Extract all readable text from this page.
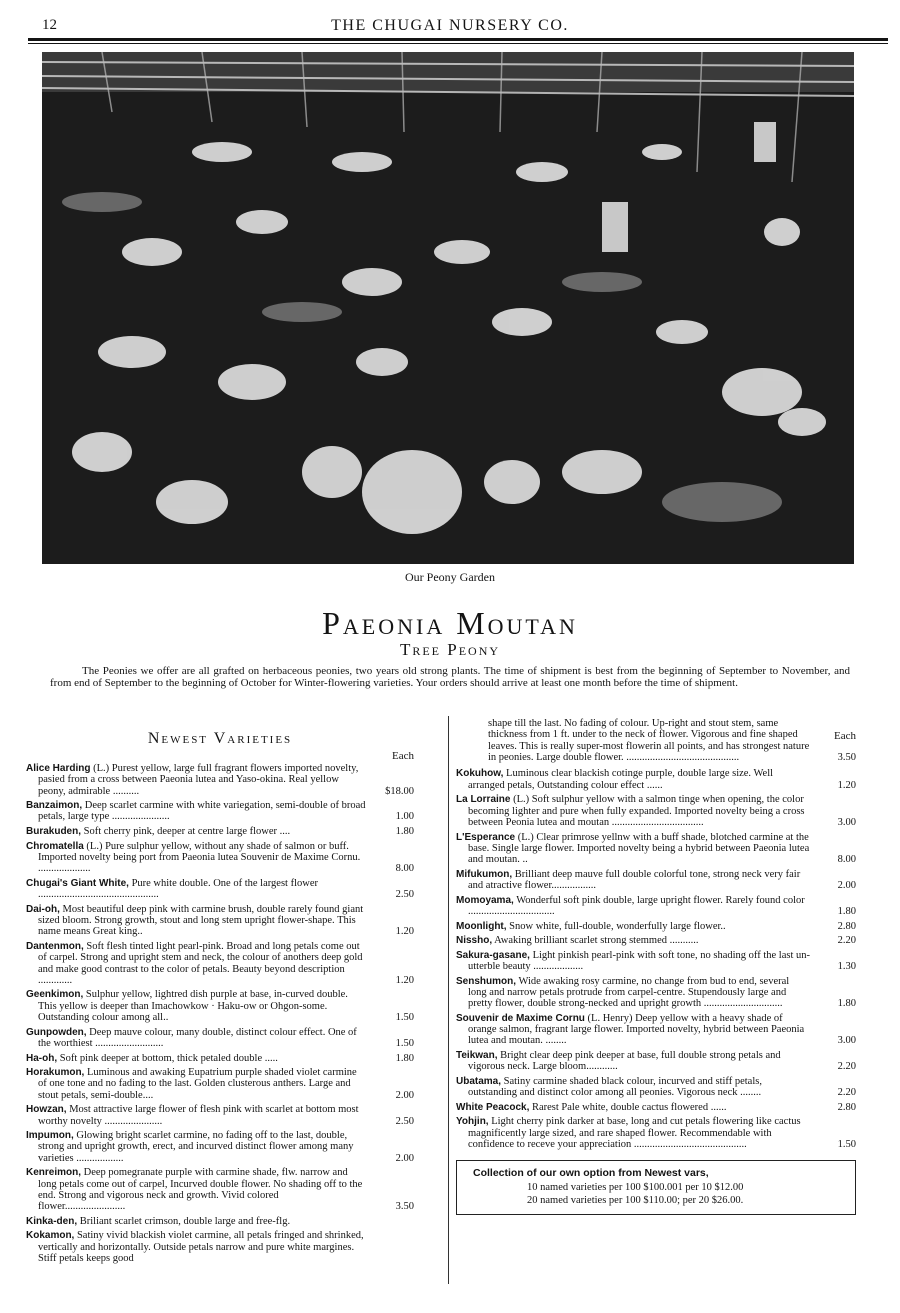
12	THE CHUGAI NURSERY CO.
Our Peony Garden
Paeonia Moutan
Tree Peony
The Peonies we offer are all grafted on herbaceous peonies, two years old strong plants. The time of shipment is best from the beginning of September to November, and from end of September to the beginning of October for Winter-flowering varieties. Your orders should arrive at least one month before the time of shipment.
Newest Varieties
Each
Alice Harding (L.) Purest yellow, large full fragrant flowers imported novelty, pasied from a cross between Paeonia lutea and Yaso-okina. Real yellow peony, admirable ..........	$18.00
Banzaimon, Deep scarlet carmine with white variegation, semi-double of broad petals, large type ......................	1.00
Burakuden, Soft cherry pink, deeper at centre large flower ....	1.80
Chromatella (L.) Pure sulphur yellow, without any shade of salmon or buff. Imported novelty being port from Paeonia lutea Souvenir de Maxime Cornu. ....................	8.00
Chugai's Giant White, Pure white double. One of the largest flower ..............................................	2.50
Dai-oh, Most beautiful deep pink with carmine brush, double rarely found giant sized bloom. Strong growth, stout and long stem upright flower-shape. This name means Great king..	1.20
Dantenmon, Soft flesh tinted light pearl-pink. Broad and long petals come out of carpel. Strong and upright stem and neck, the colour of anothers deep gold and make good contrast to the color of petals. Beauty beyond description .............	1.20
Geenkimon, Sulphur yellow, lightred dish purple at base, in-curved double. This yellow is deeper than Imachowkow · Haku-ow or Ohgon-some. Outstanding colour among all..	1.50
Gunpowden, Deep mauve colour, many double, distinct colour effect. One of the worthiest ..........................	1.50
Ha-oh, Soft pink deeper at bottom, thick petaled double .....	1.80
Horakumon, Luminous and awaking Eupatrium purple shaded violet carmine of one tone and no fading to the last. Golden clusterous anthers. Large and stout petals, semi-double....	2.00
Howzan, Most attractive large flower of flesh pink with scarlet at bottom most worthy novelty ......................	2.50
Impumon, Glowing bright scarlet carmine, no fading off to the last, double, strong and upright growth, erect, and incurved distinct flower among many varieties ..................	2.00
Kenreimon, Deep pomegranate purple with carmine shade, flw. narrow and long petals come out of carpel, Incurved double flower. No shading off to the end. Strong and vigorous neck and growth. Vivid colored flower.......................	3.50
Kinka-den, Briliant scarlet crimson, double large and free-flg.
Kokamon, Satiny vivid blackish violet carmine, all petals fringed and shrinked, vertically and horizontally. Outside petals narrow and pure white margines. Stiff petals keeps good
shape till the last. No fading of colour. Up-right and stout stem, same thickness from 1 ft. under to the neck of flower. Vigorous and fine shaped leaves. This is really super-most flowerin all points, and has strongest nature in peonies. Large double flower. ...........................................	3.50
Each
Kokuhow, Luminous clear blackish cotinge purple, double large size. Well arranged petals, Outstanding colour effect ......	1.20
La Lorraine (L.) Soft sulphur yellow with a salmon tinge when opening, the color becoming lighter and pure when fully expanded. Imported novelty being a cross between Peonia lutea and moutan ...................................	3.00
L'Esperance (L.) Clear primrose yellnw with a buff shade, blotched carmine at the base. Single large flower. Imported novelty being a hybrid between Paeonia lutea and moutan. ..	8.00
Mifukumon, Brilliant deep mauve full double colorful tone, strong neck very fair and atractive flower.................	2.00
Momoyama, Wonderful soft pink double, large upright flower. Rarely found color .................................	1.80
Moonlight, Snow white, full-double, wonderfully large flower..	2.80
Nissho, Awaking brilliant scarlet strong stemmed ...........	2.20
Sakura-gasane, Light pinkish pearl-pink with soft tone, no shading off the last un-utterble beauty ...................	1.30
Senshumon, Wide awaking rosy carmine, no change from bud to end, several long and narrow petals protrude from carpel-centre. Stupendously large and pretty flower, double strong-necked and upright growth ..............................	1.80
Souvenir de Maxime Cornu (L. Henry) Deep yellow with a heavy shade of orange salmon, fragrant large flower. Imported novelty, hybrid between Paeonia lutea and moutan. ........	3.00
Teikwan, Bright clear deep pink deeper at base, full double strong petals and vigorous neck. Large bloom............	2.20
Ubatama, Satiny carmine shaded black colour, incurved and stiff petals, outstanding and distinct color among all peonies. Vigorous neck ........	2.20
White Peacock, Rarest Pale white, double cactus flowered ......	2.80
Yohjin, Light cherry pink darker at base, long and cut petals flowering like cactus magnificently large sized, and rare shaped flower. Recommendable with confidence to receve your appreciation ...........................................	1.50
Collection of our own option from Newest vars,
10 named varieties per 100 $100.001 per 10 $12.00
20 named varieties per 100 $110.00; per 20 $26.00.
